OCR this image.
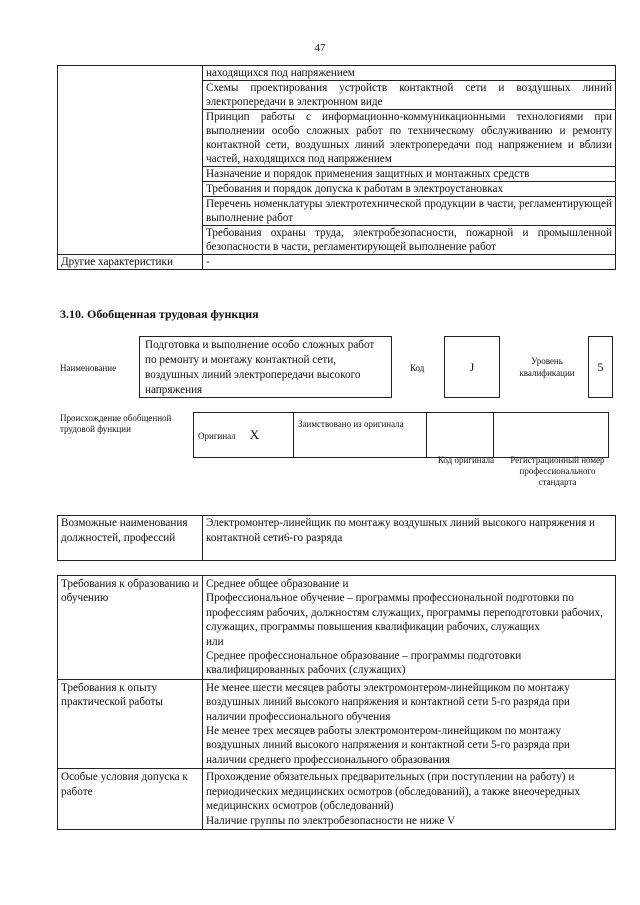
47
	находящихся под напряжением
	Схемы проектирования устройств контактной сети и воздушных линий электропередачи в электронном виде
	Принцип работы с информационно-коммуникационными технологиями при выполнении особо сложных работ по техническому обслуживанию и ремонту контактной сети, воздушных линий электропередачи под напряжением и вблизи частей, находящихся под напряжением
	Назначение и порядок применения защитных и монтажных средств
	Требования и порядок допуска к работам в электроустановках
	Перечень номенклатуры электротехнической продукции в части, регламентирующей выполнение работ
	Требования охраны труда, электробезопасности, пожарной и промышленной безопасности в части, регламентирующей выполнение работ
Другие характеристики	-
3.10. Обобщенная трудовая функция
Наименование
Подготовка и выполнение особо сложных работ по ремонту и монтажу контактной сети, воздушных линий электропередачи высокого напряжения
Код	J	Уровень квалификации	5
Происхождение обобщенной трудовой функции
Оригинал X	Заимствовано из оригинала		
Код оригинала	Регистрационный номер профессионального стандарта
Возможные наименования должностей, профессий	Электромонтер-линейщик по монтажу воздушных линий высокого напряжения и контактной сети6-го разряда
Требования к образованию и обучению	Среднее общее образование и
Профессиональное обучение – программы профессиональной подготовки по профессиям рабочих, должностям служащих, программы переподготовки рабочих, служащих, программы повышения квалификации рабочих, служащих
или
Среднее профессиональное образование – программы подготовки квалифицированных рабочих (служащих)

Требования к опыту практической работы	Не менее шести месяцев работы электромонтером-линейщиком по монтажу воздушных линий высокого напряжения и контактной сети 5-го разряда при наличии профессионального обучения
Не менее трех месяцев работы электромонтером-линейщиком по монтажу воздушных линий высокого напряжения и контактной сети 5-го разряда при наличии среднего профессионального образования

Особые условия допуска к работе	Прохождение обязательных предварительных (при поступлении на работу) и периодических медицинских осмотров (обследований), а также внеочередных медицинских осмотров (обследований)
Наличие группы по электробезопасности не ниже V
